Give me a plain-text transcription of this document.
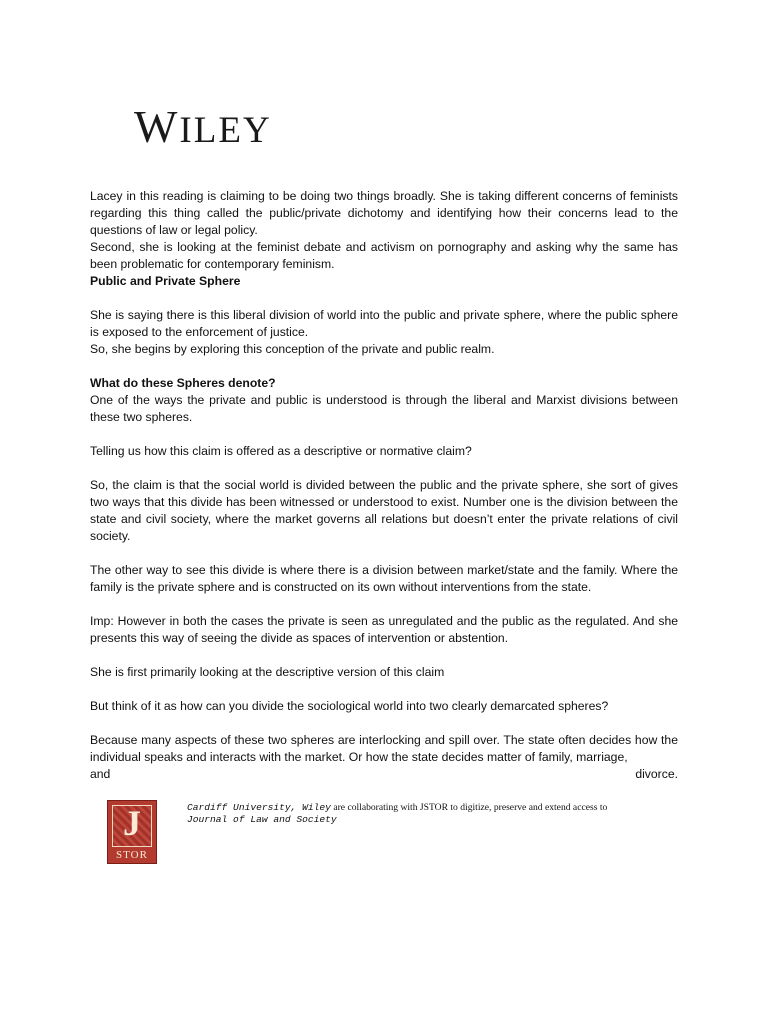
WILEY

Lacey in this reading is claiming to be doing two things broadly. She is taking different concerns of feminists regarding this thing called the public/private dichotomy and identifying how their concerns lead to the questions of law or legal policy.

Second, she is looking at the feminist debate and activism on pornography and asking why the same has been problematic for contemporary feminism.

Public and Private Sphere

She is saying there is this liberal division of world into the public and private sphere, where the public sphere is exposed to the enforcement of justice.

So, she begins by exploring this conception of the private and public realm.

What do these Spheres denote?

One of the ways the private and public is understood is through the liberal and Marxist divisions between these two spheres.

Telling us how this claim is offered as a descriptive or normative claim?

So, the claim is that the social world is divided between the public and the private sphere, she sort of gives two ways that this divide has been witnessed or understood to exist. Number one is the division between the state and civil society, where the market governs all relations but doesn’t enter the private relations of civil society.

The other way to see this divide is where there is a division between market/state and the family. Where the family is the private sphere and is constructed on its own without interventions from the state.

Imp: However in both the cases the private is seen as unregulated and the public as the regulated. And she presents this way of seeing the divide as spaces of intervention or abstention.

She is first primarily looking at the descriptive version of this claim

But think of it as how can you divide the sociological world into two clearly demarcated spheres?

Because many aspects of these two spheres are interlocking and spill over. The state often decides how the individual speaks and interacts with the market. Or how the state decides matter of family, marriage,

and	divorce.
J
STOR
Cardiff University, Wiley are collaborating with JSTOR to digitize, preserve and extend access to
Journal of Law and Society
